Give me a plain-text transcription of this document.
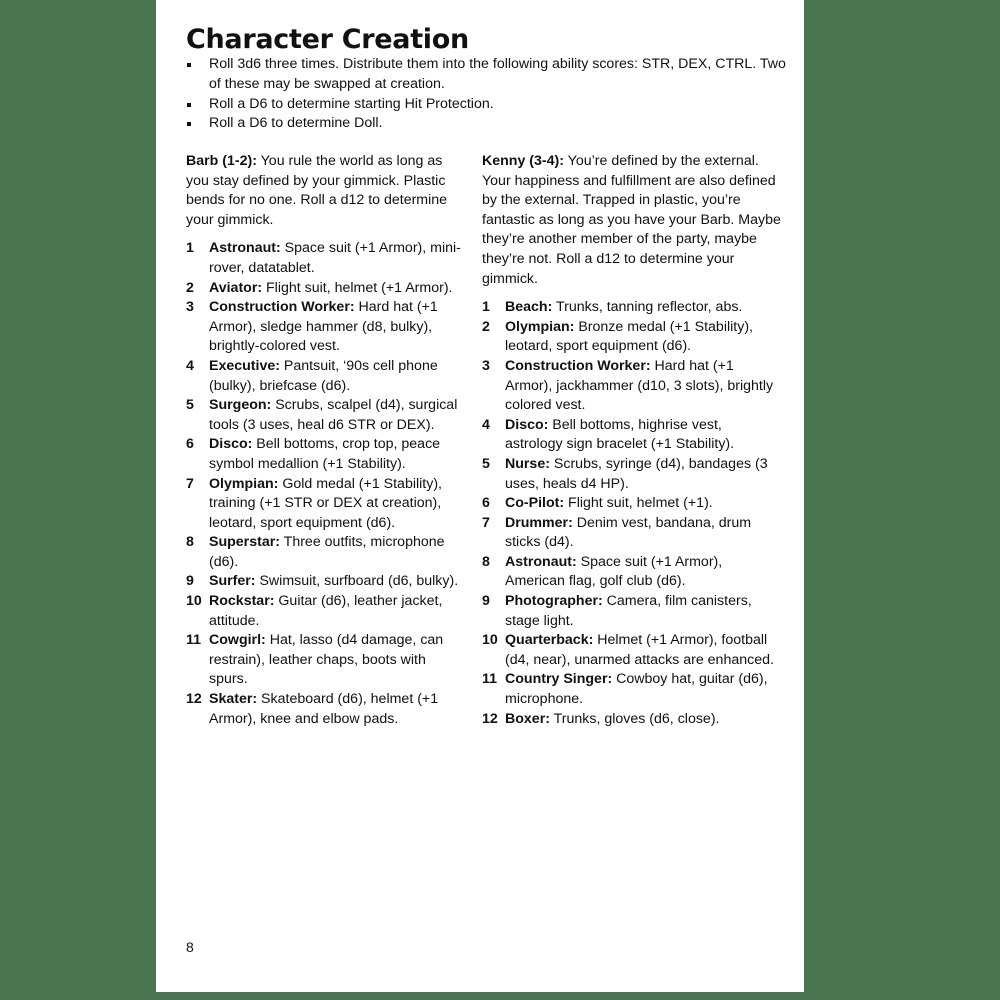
Character Creation
Roll 3d6 three times. Distribute them into the following ability scores: STR, DEX, CTRL. Two of these may be swapped at creation.
Roll a D6 to determine starting Hit Protection.
Roll a D6 to determine Doll.

Barb (1-2): You rule the world as long as you stay defined by your gimmick. Plastic bends for no one. Roll a d12 to determine your gimmick.

1 Astronaut: Space suit (+1 Armor), mini-rover, datatablet.
2 Aviator: Flight suit, helmet (+1 Armor).
3 Construction Worker: Hard hat (+1 Armor), sledge hammer (d8, bulky), brightly-colored vest.
4 Executive: Pantsuit, ‘90s cell phone (bulky), briefcase (d6).
5 Surgeon: Scrubs, scalpel (d4), surgical tools (3 uses, heal d6 STR or DEX).
6 Disco: Bell bottoms, crop top, peace symbol medallion (+1 Stability).
7 Olympian: Gold medal (+1 Stability), training (+1 STR or DEX at creation), leotard, sport equipment (d6).
8 Superstar: Three outfits, microphone (d6).
9 Surfer: Swimsuit, surfboard (d6, bulky).
10 Rockstar: Guitar (d6), leather jacket, attitude.
11 Cowgirl: Hat, lasso (d4 damage, can restrain), leather chaps, boots with spurs.
12 Skater: Skateboard (d6), helmet (+1 Armor), knee and elbow pads.

Kenny (3-4): You’re defined by the external. Your happiness and fulfillment are also defined by the external. Trapped in plastic, you’re fantastic as long as you have your Barb. Maybe they’re another member of the party, maybe they’re not. Roll a d12 to determine your gimmick.

1 Beach: Trunks, tanning reflector, abs.
2 Olympian: Bronze medal (+1 Stability), leotard, sport equipment (d6).
3 Construction Worker: Hard hat (+1 Armor), jackhammer (d10, 3 slots), brightly colored vest.
4 Disco: Bell bottoms, highrise vest, astrology sign bracelet (+1 Stability).
5 Nurse: Scrubs, syringe (d4), bandages (3 uses, heals d4 HP).
6 Co-Pilot: Flight suit, helmet (+1).
7 Drummer: Denim vest, bandana, drum sticks (d4).
8 Astronaut: Space suit (+1 Armor), American flag, golf club (d6).
9 Photographer: Camera, film canisters, stage light.
10 Quarterback: Helmet (+1 Armor), football (d4, near), unarmed attacks are enhanced.
11 Country Singer: Cowboy hat, guitar (d6), microphone.
12 Boxer: Trunks, gloves (d6, close).
8
